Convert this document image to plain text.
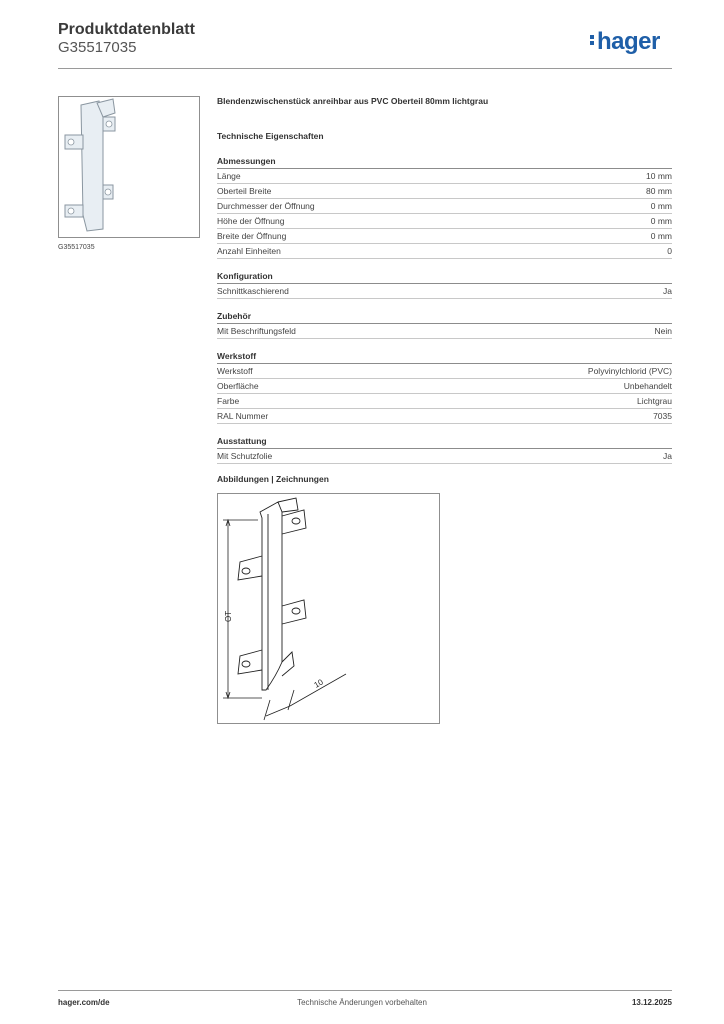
Produktdatenblatt
G35517035	hager
G35517035
Blendenzwischenstück anreihbar aus PVC Oberteil 80mm lichtgrau
Technische Eigenschaften
Abmessungen
Länge	10 mm
Oberteil Breite	80 mm
Durchmesser der Öffnung	0 mm
Höhe der Öffnung	0 mm
Breite der Öffnung	0 mm
Anzahl Einheiten	0
Konfiguration
Schnittkaschierend	Ja
Zubehör
Mit Beschriftungsfeld	Nein
Werkstoff
Werkstoff	Polyvinylchlorid (PVC)
Oberfläche	Unbehandelt
Farbe	Lichtgrau
RAL Nummer	7035
Ausstattung
Mit Schutzfolie	Ja
Abbildungen | Zeichnungen
OT
10
hager.com/de	Technische Änderungen vorbehalten	13.12.2025
